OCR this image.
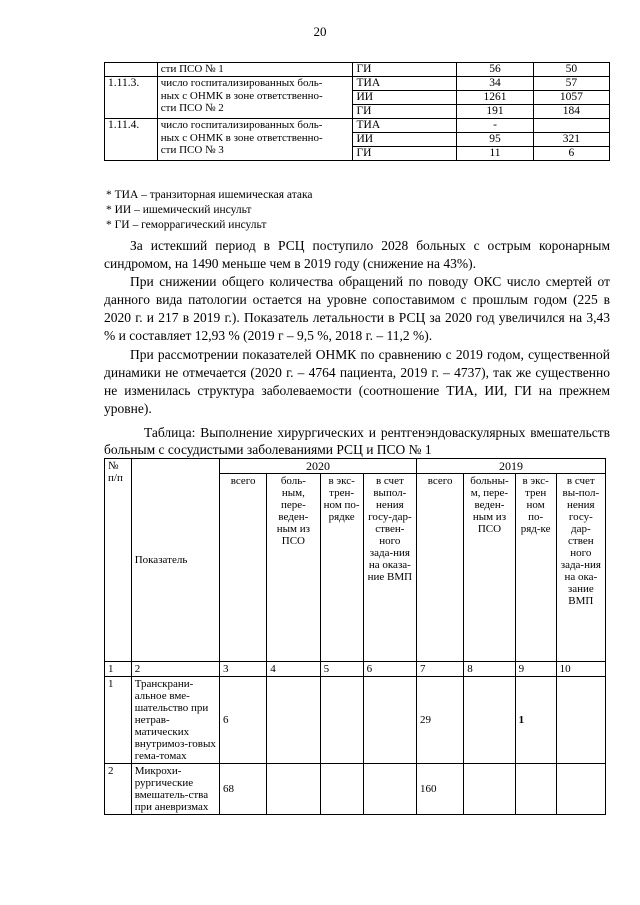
20

	сти ПСО № 1	ГИ	56	50
1.11.3.	число госпитализированных боль-
ных с ОНМК в зоне ответственно-
сти ПСО № 2	ТИА	34	57
		ИИ	1261	1057
		ГИ	191	184
1.11.4.	число госпитализированных боль-
ных с ОНМК в зоне ответственно-
сти ПСО № 3	ТИА	-	
		ИИ	95	321
		ГИ	11	6
* ТИА – транзиторная ишемическая атака
* ИИ – ишемический инсульт
* ГИ – геморрагический инсульт

За истекший период в РСЦ поступило 2028 больных с острым коронарным синдромом, на 1490 меньше чем в 2019 году (снижение на 43%).

При снижении общего количества обращений по поводу ОКС число смертей от данного вида патологии остается на уровне сопоставимом с прошлым годом (225 в 2020 г. и 217 в 2019 г.). Показатель летальности в РСЦ за 2020 год увеличился на 3,43 % и составляет 12,93 % (2019 г – 9,5 %, 2018 г. – 11,2 %).

При рассмотрении показателей ОНМК по сравнению с 2019 годом, существенной динамики не отмечается (2020 г. – 4764 пациента, 2019 г. – 4737), так же существенно не изменилась структура заболеваемости (соотношение ТИА, ИИ, ГИ на прежнем уровне).

Таблица: Выполнение хирургических и рентгенэндоваскулярных вмешательств больным с сосудистыми заболеваниями РСЦ и ПСО № 1

№ п/п	Показатель	2020				2019			
		всего	боль-ным, пере-веден-ным из ПСО	в экс-трен-ном по-рядке	в счет выпол-нения госу-дар-ствен-ного зада-ния на оказа-ние ВМП	всего	больны-м, пере-веден-ным из ПСО	в экс-трен ном по-ряд-ке	в счет вы-пол-нения госу-дар-ствен ного зада-ния на ока-зание ВМП
1	2	3	4	5	6	7	8	9	10
1	Транскрани-альное вме-шательство при нетрав-матических внутримоз-говых гема-томах	6				29		1	
2	Микрохи-рургические вмешатель-ства при аневризмах	68				160			
